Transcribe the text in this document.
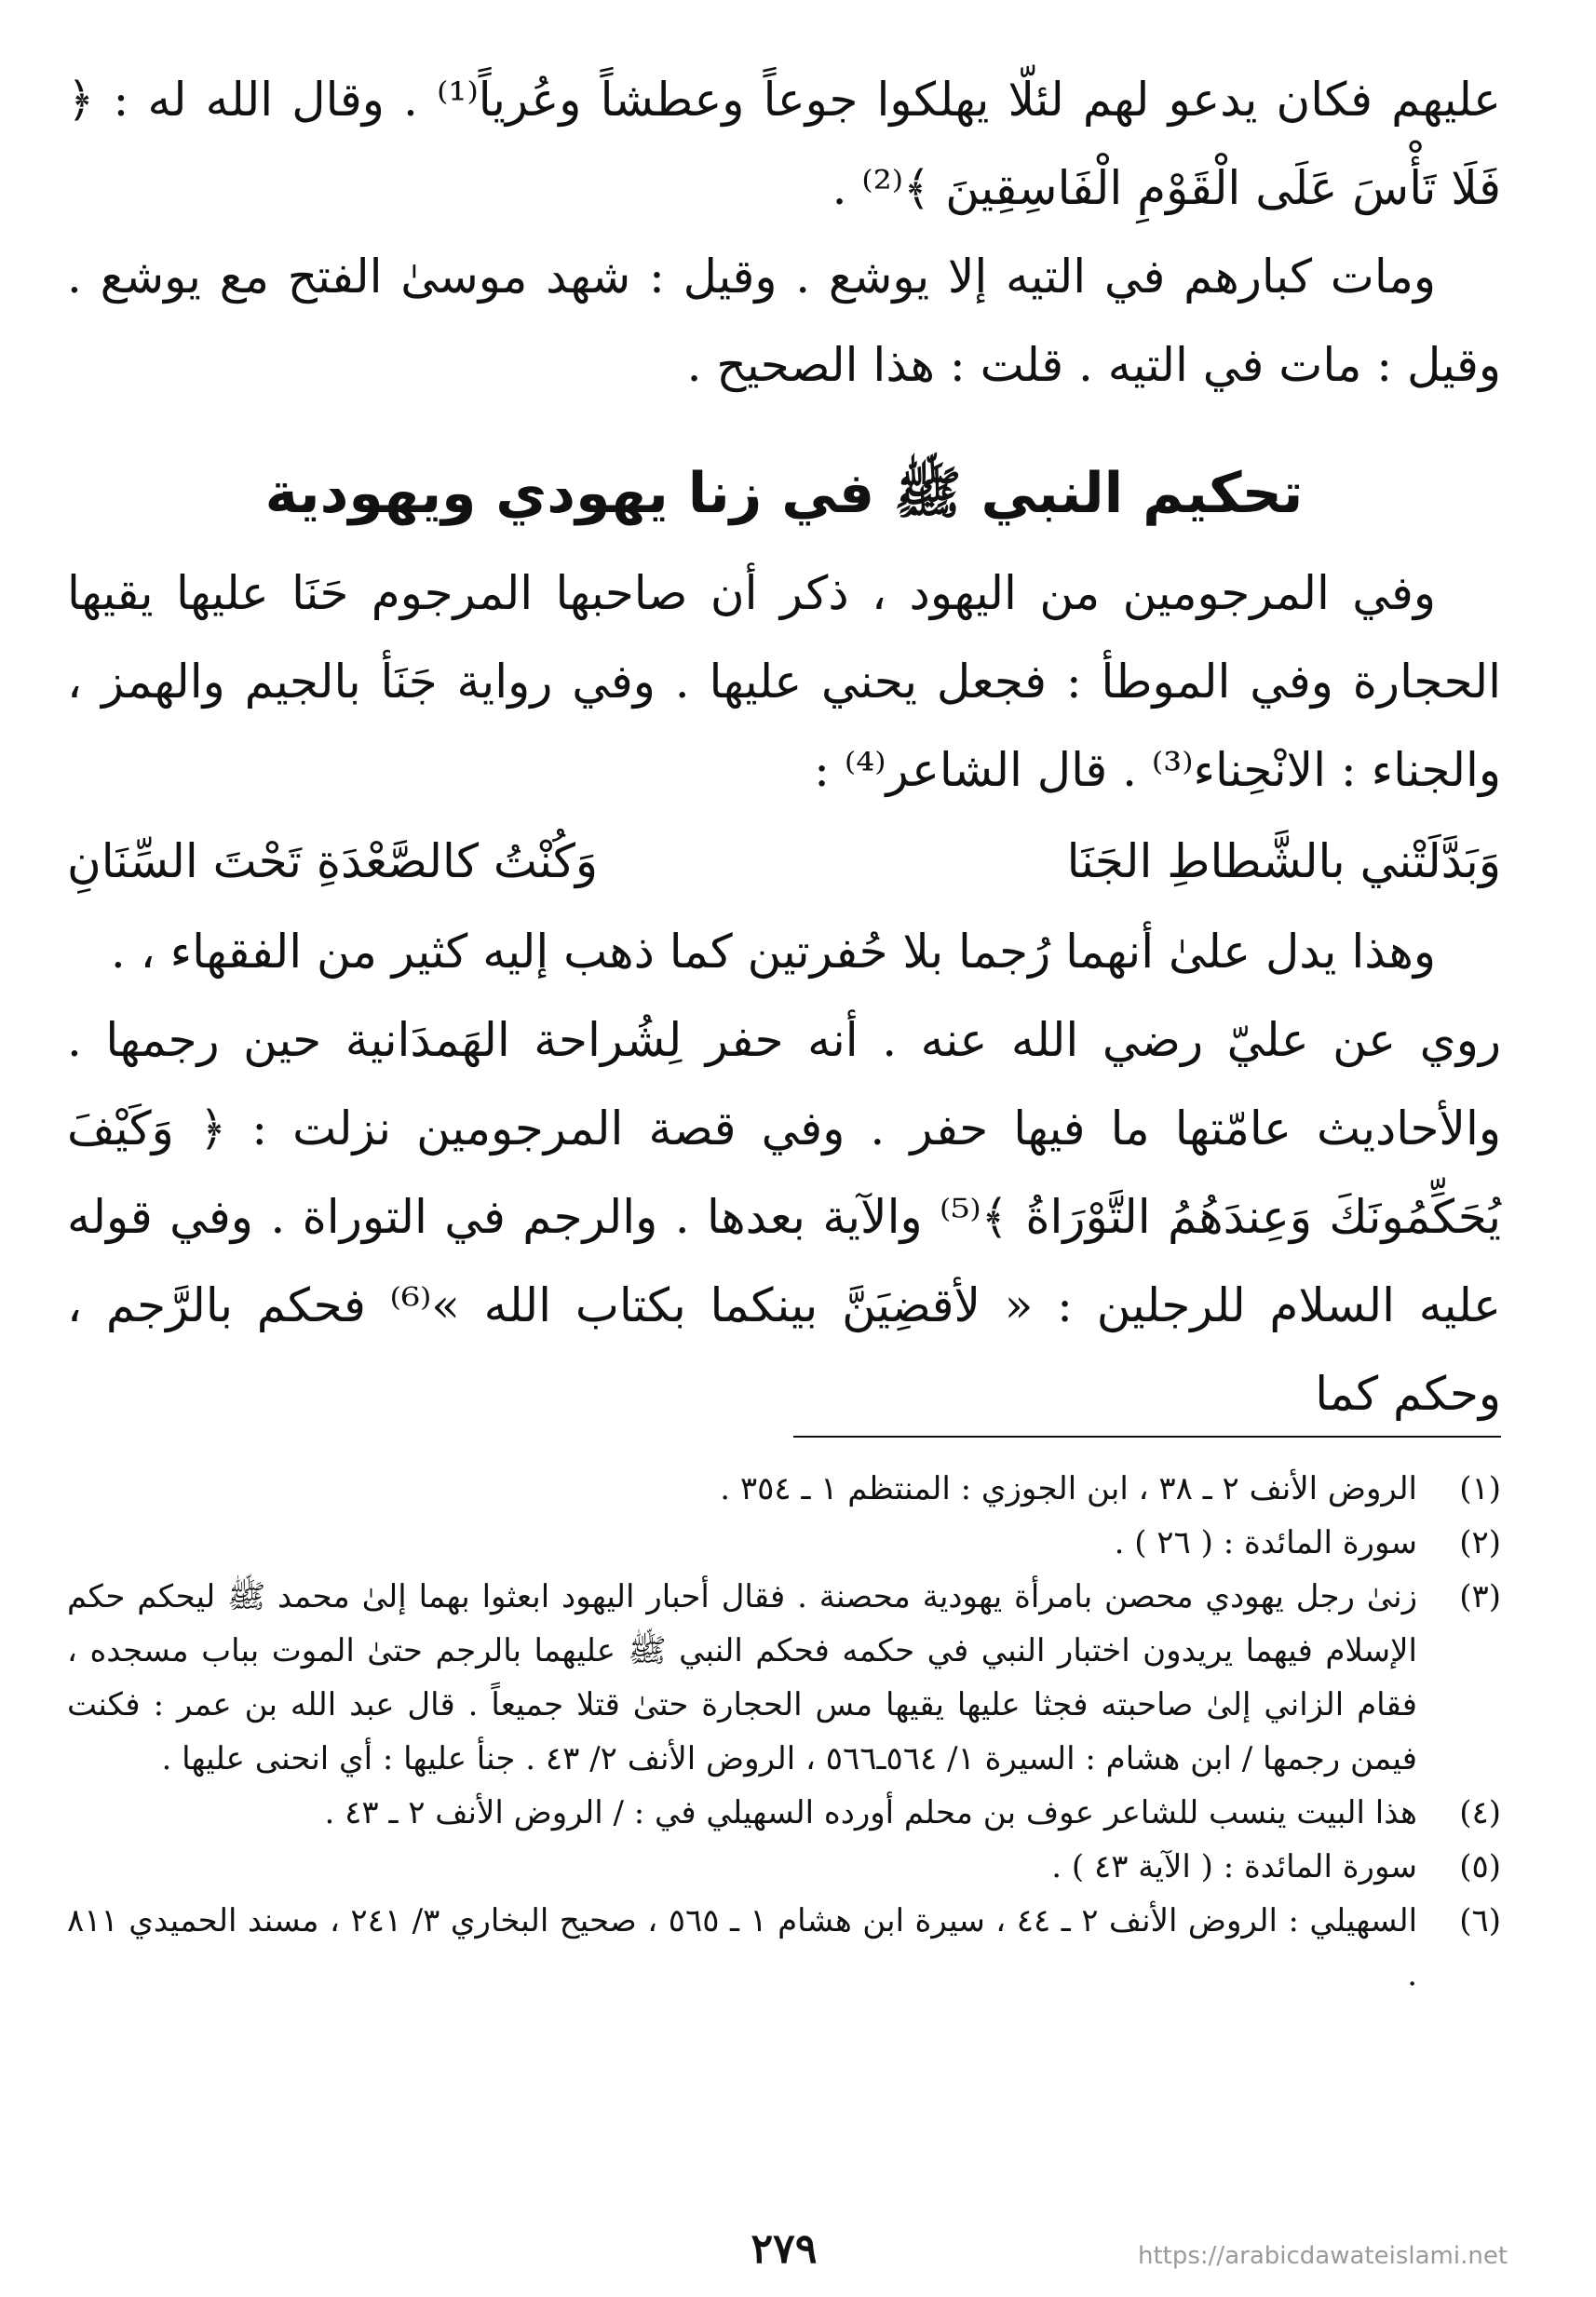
عليهم فكان يدعو لهم لئلّا يهلكوا جوعاً وعطشاً وعُرياً⁽¹⁾ . وقال الله له : ﴿ فَلَا تَأْسَ عَلَى الْقَوْمِ الْفَاسِقِينَ ﴾⁽²⁾ .

ومات كبارهم في التيه إلا يوشع . وقيل : شهد موسىٰ الفتح مع يوشع . وقيل : مات في التيه . قلت : هذا الصحيح .

تحكيم النبي ﷺ في زنا يهودي ويهودية

وفي المرجومين من اليهود ، ذكر أن صاحبها المرجوم حَنَا عليها يقيها الحجارة وفي الموطأ : فجعل يحني عليها . وفي رواية جَنَأ بالجيم والهمز ، والجناء : الانْحِناء⁽³⁾ . قال الشاعر⁽⁴⁾ :

وَبَدَّلَتْني بالشَّطاطِ الجَنَا
وَكُنْتُ كالصَّعْدَةِ تَحْتَ السِّنَانِ

وهذا يدل علىٰ أنهما رُجما بلا حُفرتين كما ذهب إليه كثير من الفقهاء ، .

روي عن عليّ رضي الله عنه . أنه حفر لِشُراحة الهَمدَانية حين رجمها . والأحاديث عامّتها ما فيها حفر . وفي قصة المرجومين نزلت : ﴿ وَكَيْفَ يُحَكِّمُونَكَ وَعِندَهُمُ التَّوْرَاةُ ﴾⁽⁵⁾ والآية بعدها . والرجم في التوراة . وفي قوله عليه السلام للرجلين : « لأقضِيَنَّ بينكما بكتاب الله »⁽⁶⁾ فحكم بالرَّجم ، وحكم كما

(١)
الروض الأنف ٢ ـ ٣٨ ، ابن الجوزي : المنتظم ١ ـ ٣٥٤ .
(٢)
سورة المائدة : ( ٢٦ ) .
(٣)
زنىٰ رجل يهودي محصن بامرأة يهودية محصنة . فقال أحبار اليهود ابعثوا بهما إلىٰ محمد ﷺ ليحكم حكم الإسلام فيهما يريدون اختبار النبي في حكمه فحكم النبي ﷺ عليهما بالرجم حتىٰ الموت بباب مسجده ، فقام الزاني إلىٰ صاحبته فجثا عليها يقيها مس الحجارة حتىٰ قتلا جميعاً . قال عبد الله بن عمر : فكنت فيمن رجمها / ابن هشام : السيرة ١/ ٥٦٤ـ٥٦٦ ، الروض الأنف ٢/ ٤٣ . جنأ عليها : أي انحنى عليها .
(٤)
هذا البيت ينسب للشاعر عوف بن محلم أورده السهيلي في : / الروض الأنف ٢ ـ ٤٣ .
(٥)
سورة المائدة : ( الآية ٤٣ ) .
(٦)
السهيلي : الروض الأنف ٢ ـ ٤٤ ، سيرة ابن هشام ١ ـ ٥٦٥ ، صحيح البخاري ٣/ ٢٤١ ، مسند الحميدي ٨١١ .
٢٧٩	https://arabicdawateislami.net
